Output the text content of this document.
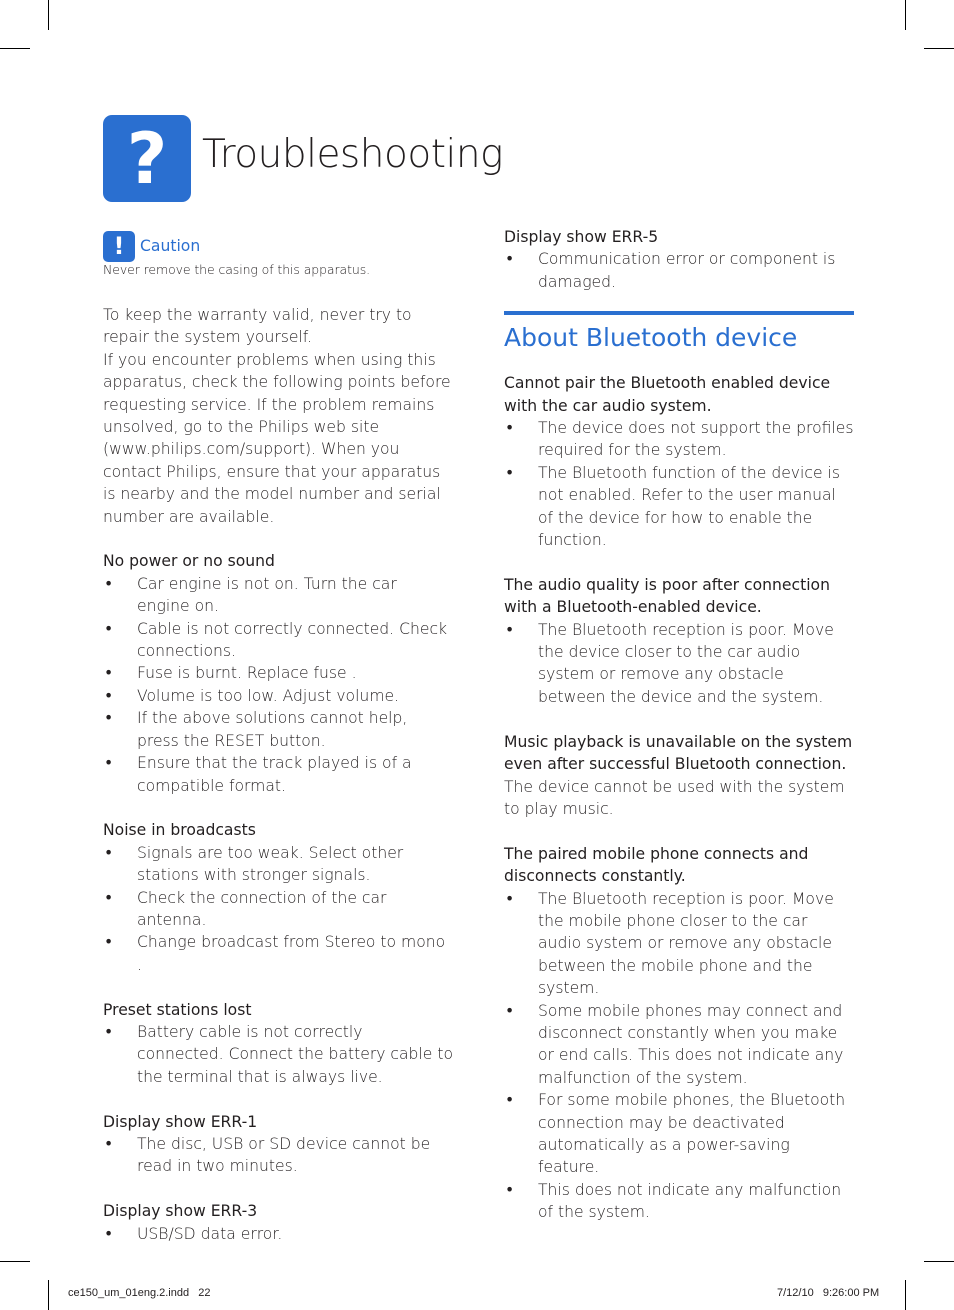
? Troubleshooting
! Caution

Never remove the casing of this apparatus.

To keep the warranty valid, never try to repair the system yourself.

If you encounter problems when using this apparatus, check the following points before requesting service. If the problem remains unsolved, go to the Philips web site (www.philips.com/support). When you contact Philips, ensure that your apparatus is nearby and the model number and serial number are available.

No power or no sound

• Car engine is not on. Turn the car engine on.
• Cable is not correctly connected. Check connections.
• Fuse is burnt. Replace fuse .
• Volume is too low. Adjust volume.
• If the above solutions cannot help, press the RESET button.
• Ensure that the track played is of a compatible format.

Noise in broadcasts

• Signals are too weak. Select other stations with stronger signals.
• Check the connection of the car antenna.
• Change broadcast from Stereo to mono .

Preset stations lost

• Battery cable is not correctly connected. Connect the battery cable to the terminal that is always live.

Display show ERR-1

• The disc, USB or SD device cannot be read in two minutes.

Display show ERR-3

• USB/SD data error.

Display show ERR-5

• Communication error or component is damaged.
About Bluetooth device

Cannot pair the Bluetooth enabled device with the car audio system.

• The device does not support the profiles required for the system.
• The Bluetooth function of the device is not enabled. Refer to the user manual of the device for how to enable the function.

The audio quality is poor after connection with a Bluetooth-enabled device.

• The Bluetooth reception is poor. Move the device closer to the car audio system or remove any obstacle between the device and the system.

Music playback is unavailable on the system even after successful Bluetooth connection.

The device cannot be used with the system to play music.

The paired mobile phone connects and disconnects constantly.

• The Bluetooth reception is poor. Move the mobile phone closer to the car audio system or remove any obstacle between the mobile phone and the system.
• Some mobile phones may connect and disconnect constantly when you make or end calls. This does not indicate any malfunction of the system.
• For some mobile phones, the Bluetooth connection may be deactivated automatically as a power-saving feature.
• This does not indicate any malfunction of the system.
ce150_um_01eng.2.indd   22	7/12/10   9:26:00 PM
